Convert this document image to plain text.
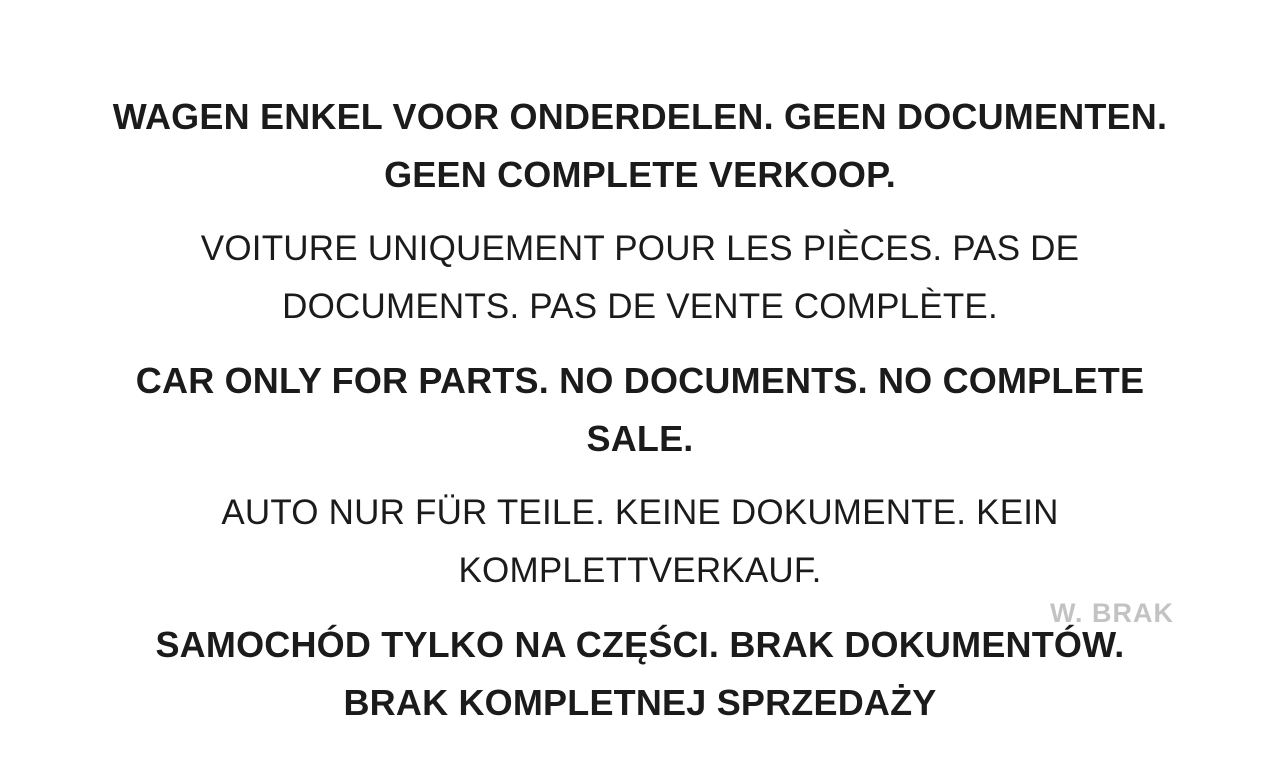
WAGEN ENKEL VOOR ONDERDELEN. GEEN DOCUMENTEN. GEEN COMPLETE VERKOOP.

VOITURE UNIQUEMENT POUR LES PIÈCES. PAS DE DOCUMENTS. PAS DE VENTE COMPLÈTE.

CAR ONLY FOR PARTS. NO DOCUMENTS. NO COMPLETE SALE.

AUTO NUR FÜR TEILE. KEINE DOKUMENTE. KEIN KOMPLETTVERKAUF.

SAMOCHÓD TYLKO NA CZĘŚCI. BRAK DOKUMENTÓW. BRAK KOMPLETNEJ SPRZEDAŻY

W. BRAK
